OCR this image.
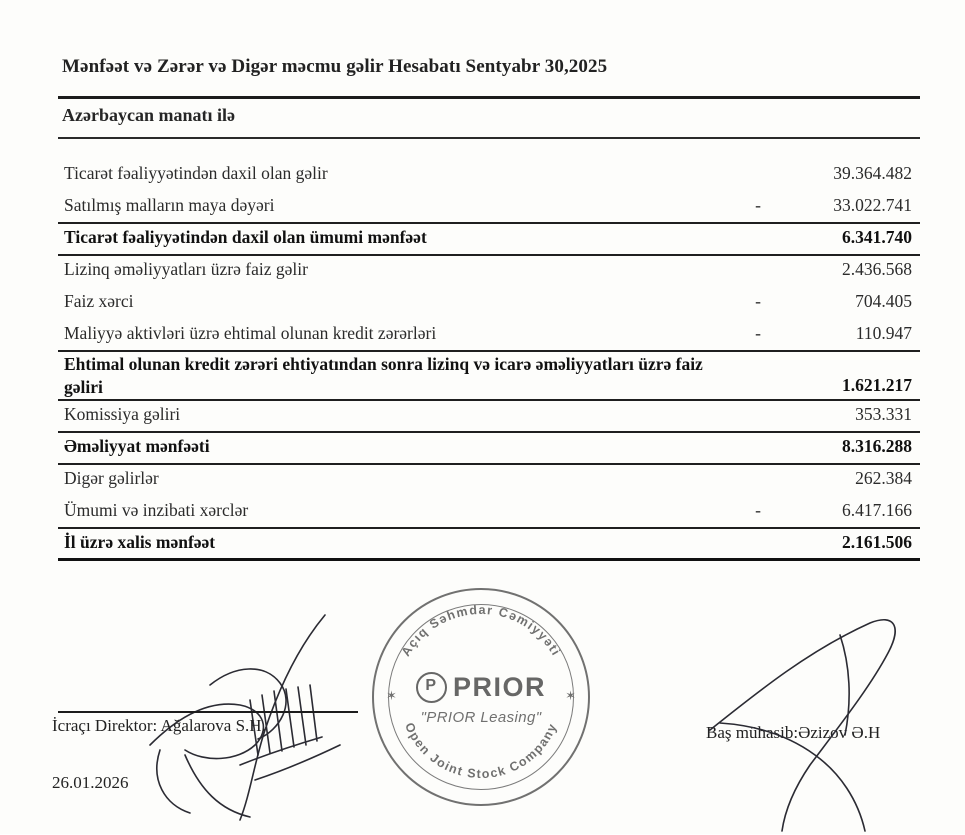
Mənfəət və Zərər və Digər məcmu gəlir Hesabatı Sentyabr 30,2025
Azərbaycan manatı ilə
Ticarət fəaliyyətindən daxil olan gəlir	39.364.482
Satılmış malların maya dəyəri	-	33.022.741
Ticarət fəaliyyətindən daxil olan ümumi mənfəət	6.341.740
Lizinq əməliyyatları üzrə faiz gəlir	2.436.568
Faiz xərci	-	704.405
Maliyyə aktivləri üzrə ehtimal olunan kredit zərərləri	-	110.947
Ehtimal olunan kredit zərəri ehtiyatından sonra lizinq və icarə əməliyyatları üzrə faiz gəliri	1.621.217
Komissiya gəliri	353.331
Əməliyyat mənfəəti	8.316.288
Digər gəlirlər	262.384
Ümumi və inzibati xərclər	-	6.417.166
İl üzrə xalis mənfəət	2.161.506
Açıq Səhmdar Cəmiyyəti
Open Joint Stock Company
✶	✶
P PRIOR
"PRIOR Leasing"
İcraçı Direktor: Ağalarova S.H.
26.01.2026
Baş mühasib:Əzizov Ə.H
